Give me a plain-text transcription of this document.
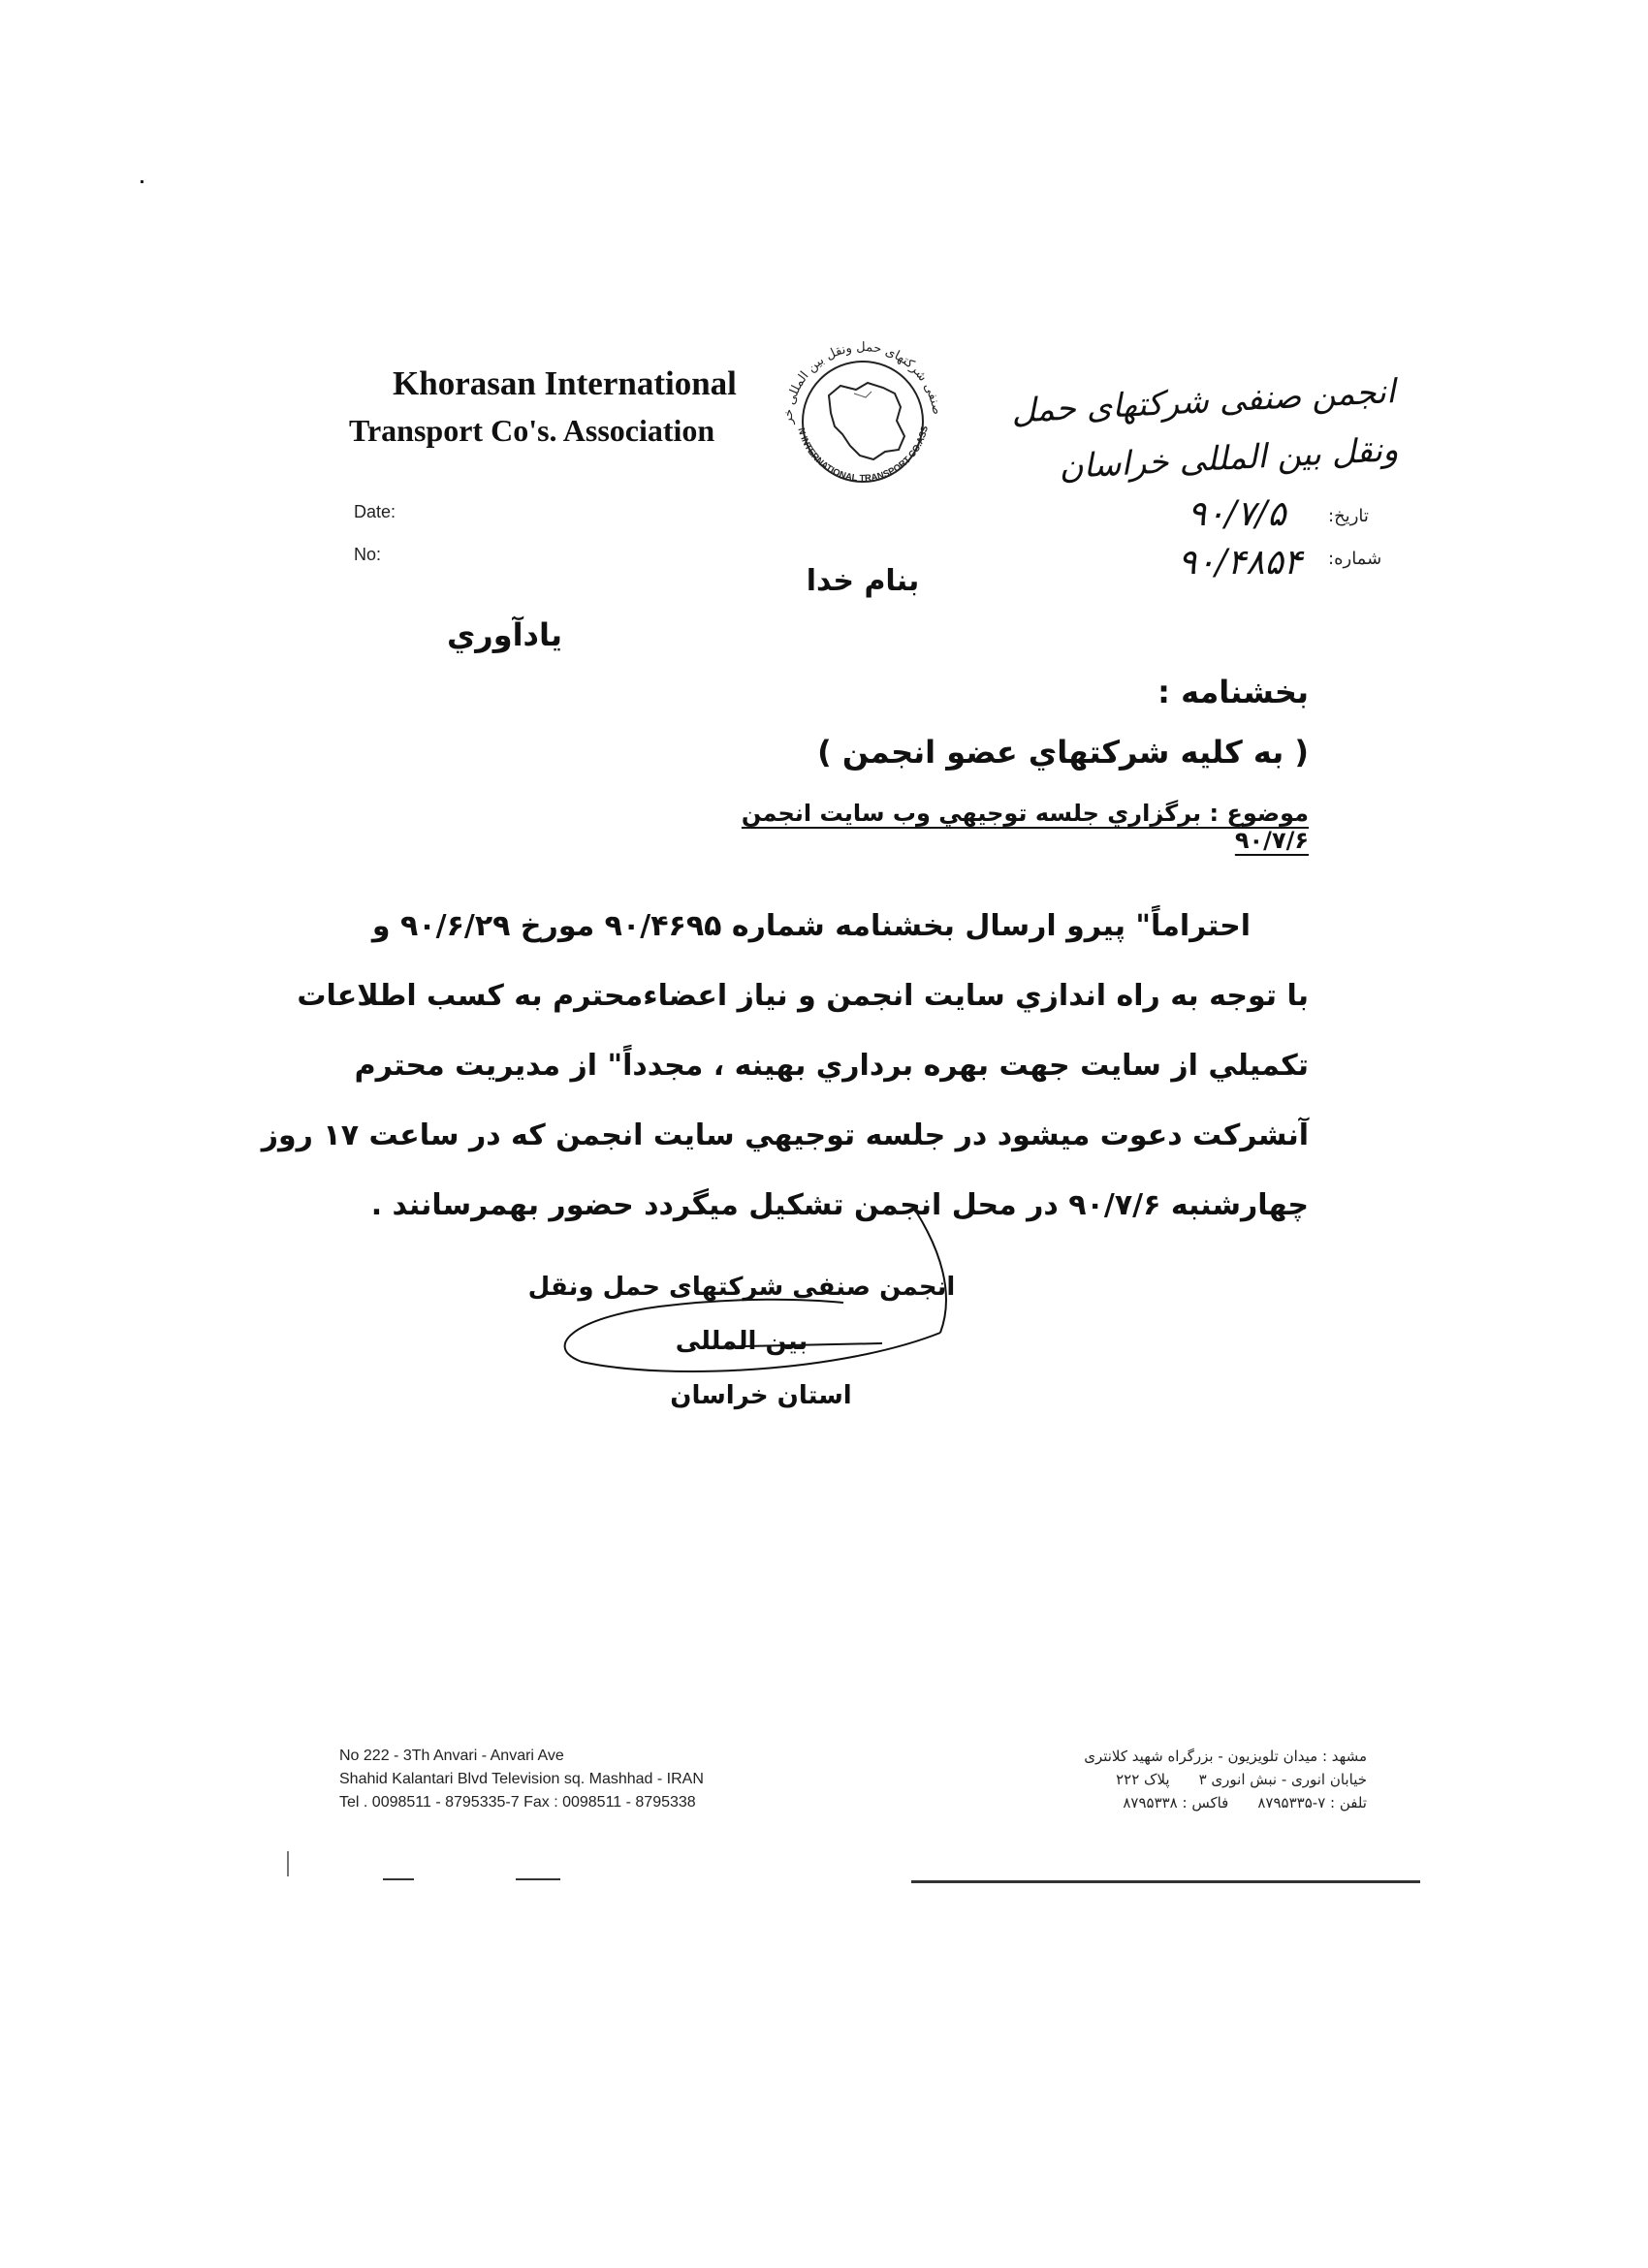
Khorasan International
Transport Co's. Association
صنفی شرکتهای حمل ونقل بین المللی خر
N INTERNATIONAL TRANSPORT CO.ASS	انجمن صنفی شرکتهای حمل ونقل بین المللی خراسان
Date:
No:
تاریخ:
شماره:
۹۰/۷/۵
۹۰/۴۸۵۴
بنام خدا
يادآوري
بخشنامه :
( به كليه شركتهاي عضو انجمن )
موضوع : برگزاري جلسه توجيهي وب سايت انجمن ۹۰/۷/۶
احتراماً" پيرو ارسال بخشنامه شماره ۹۰/۴۶۹۵ مورخ ۹۰/۶/۲۹ و
با توجه به راه اندازي سايت انجمن و نياز اعضاءمحترم به كسب اطلاعات
تكميلي از سايت جهت بهره برداري بهينه ، مجدداً" از مديريت محترم
آنشركت دعوت ميشود در جلسه توجيهي سايت انجمن كه در ساعت ۱۷ روز
چهارشنبه ۹۰/۷/۶ در محل انجمن تشكيل ميگردد حضور بهمرسانند .
انجمن صنفی شرکتهای حمل ونقل بین المللی
استان خراسان
No 222 - 3Th Anvari - Anvari Ave
Shahid Kalantari Blvd Television sq. Mashhad - IRAN
Tel . 0098511 - 8795335-7 Fax : 0098511 - 8795338
مشهد : میدان تلویزیون - بزرگراه شهید کلانتری
خیابان انوری - نبش انوری ۳پلاک ۲۲۲
تلفن : ۷-۸۷۹۵۳۳۵فاکس : ۸۷۹۵۳۳۸
